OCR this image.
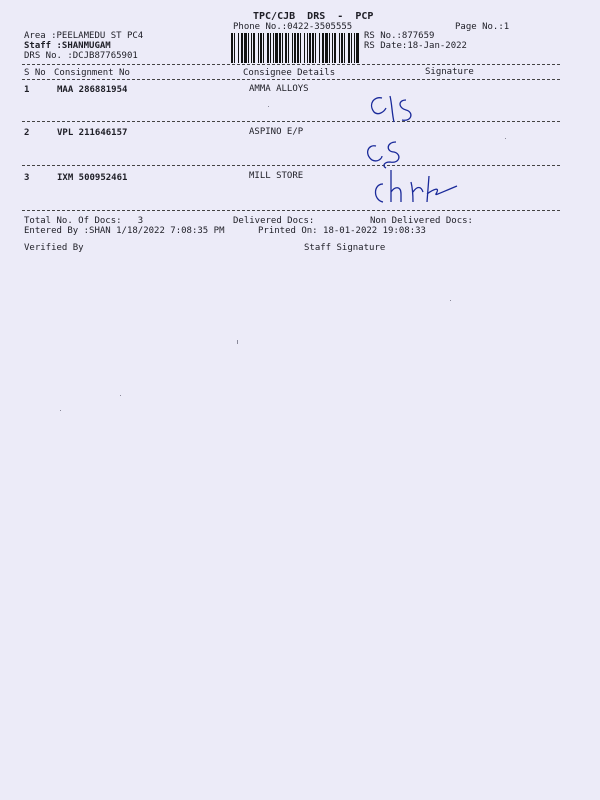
TPC/CJB  DRS  -  PCP
Phone No.:0422-3505555	Page No.:1
Area :PEELAMEDU ST PC4
Staff :SHANMUGAM
DRS No. :DCJB87765901
RS No.:877659
RS Date:18-Jan-2022
S No Consignment No	Consignee Details	Signature
1	MAA 286881954	AMMA ALLOYS
2	VPL 211646157	ASPINO E/P
3	IXM 500952461	MILL STORE
Total No. Of Docs:   3	Delivered Docs:	Non Delivered Docs:
Entered By :SHAN 1/18/2022 7:08:35 PM	Printed On: 18-01-2022 19:08:33
Verified By	Staff Signature
